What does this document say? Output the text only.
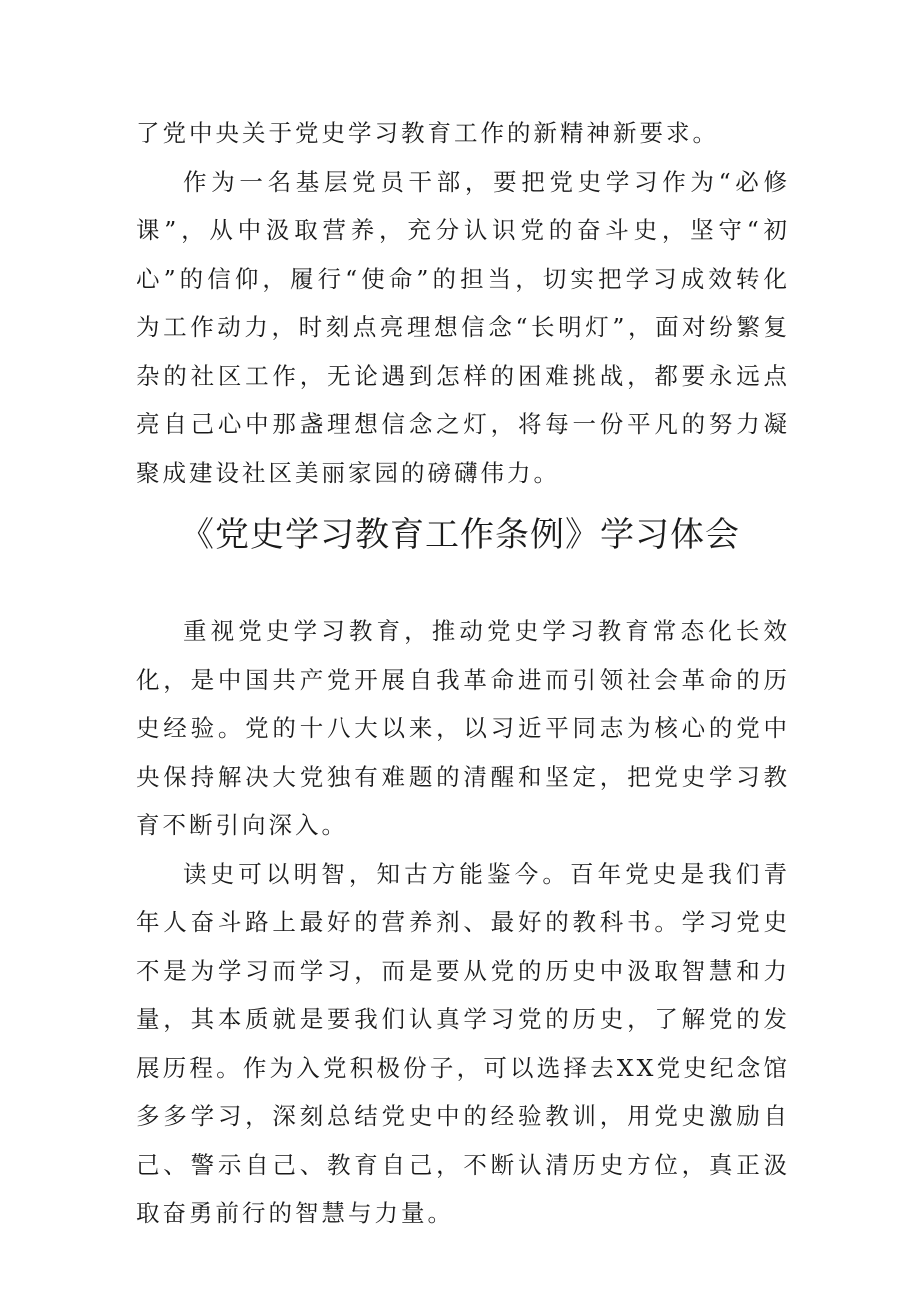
了党中央关于党史学习教育工作的新精神新要求。

作为一名基层党员干部，要把党史学习作为“必修课”，从中汲取营养，充分认识党的奋斗史，坚守“初心”的信仰，履行“使命”的担当，切实把学习成效转化为工作动力，时刻点亮理想信念“长明灯”，面对纷繁复杂的社区工作，无论遇到怎样的困难挑战，都要永远点亮自己心中那盏理想信念之灯，将每一份平凡的努力凝聚成建设社区美丽家园的磅礴伟力。

《党史学习教育工作条例》学习体会

重视党史学习教育，推动党史学习教育常态化长效化，是中国共产党开展自我革命进而引领社会革命的历史经验。党的十八大以来，以习近平同志为核心的党中央保持解决大党独有难题的清醒和坚定，把党史学习教育不断引向深入。

读史可以明智，知古方能鉴今。百年党史是我们青年人奋斗路上最好的营养剂、最好的教科书。学习党史不是为学习而学习，而是要从党的历史中汲取智慧和力量，其本质就是要我们认真学习党的历史，了解党的发展历程。作为入党积极份子，可以选择去XX党史纪念馆多多学习，深刻总结党史中的经验教训，用党史激励自己、警示自己、教育自己，不断认清历史方位，真正汲取奋勇前行的智慧与力量。
